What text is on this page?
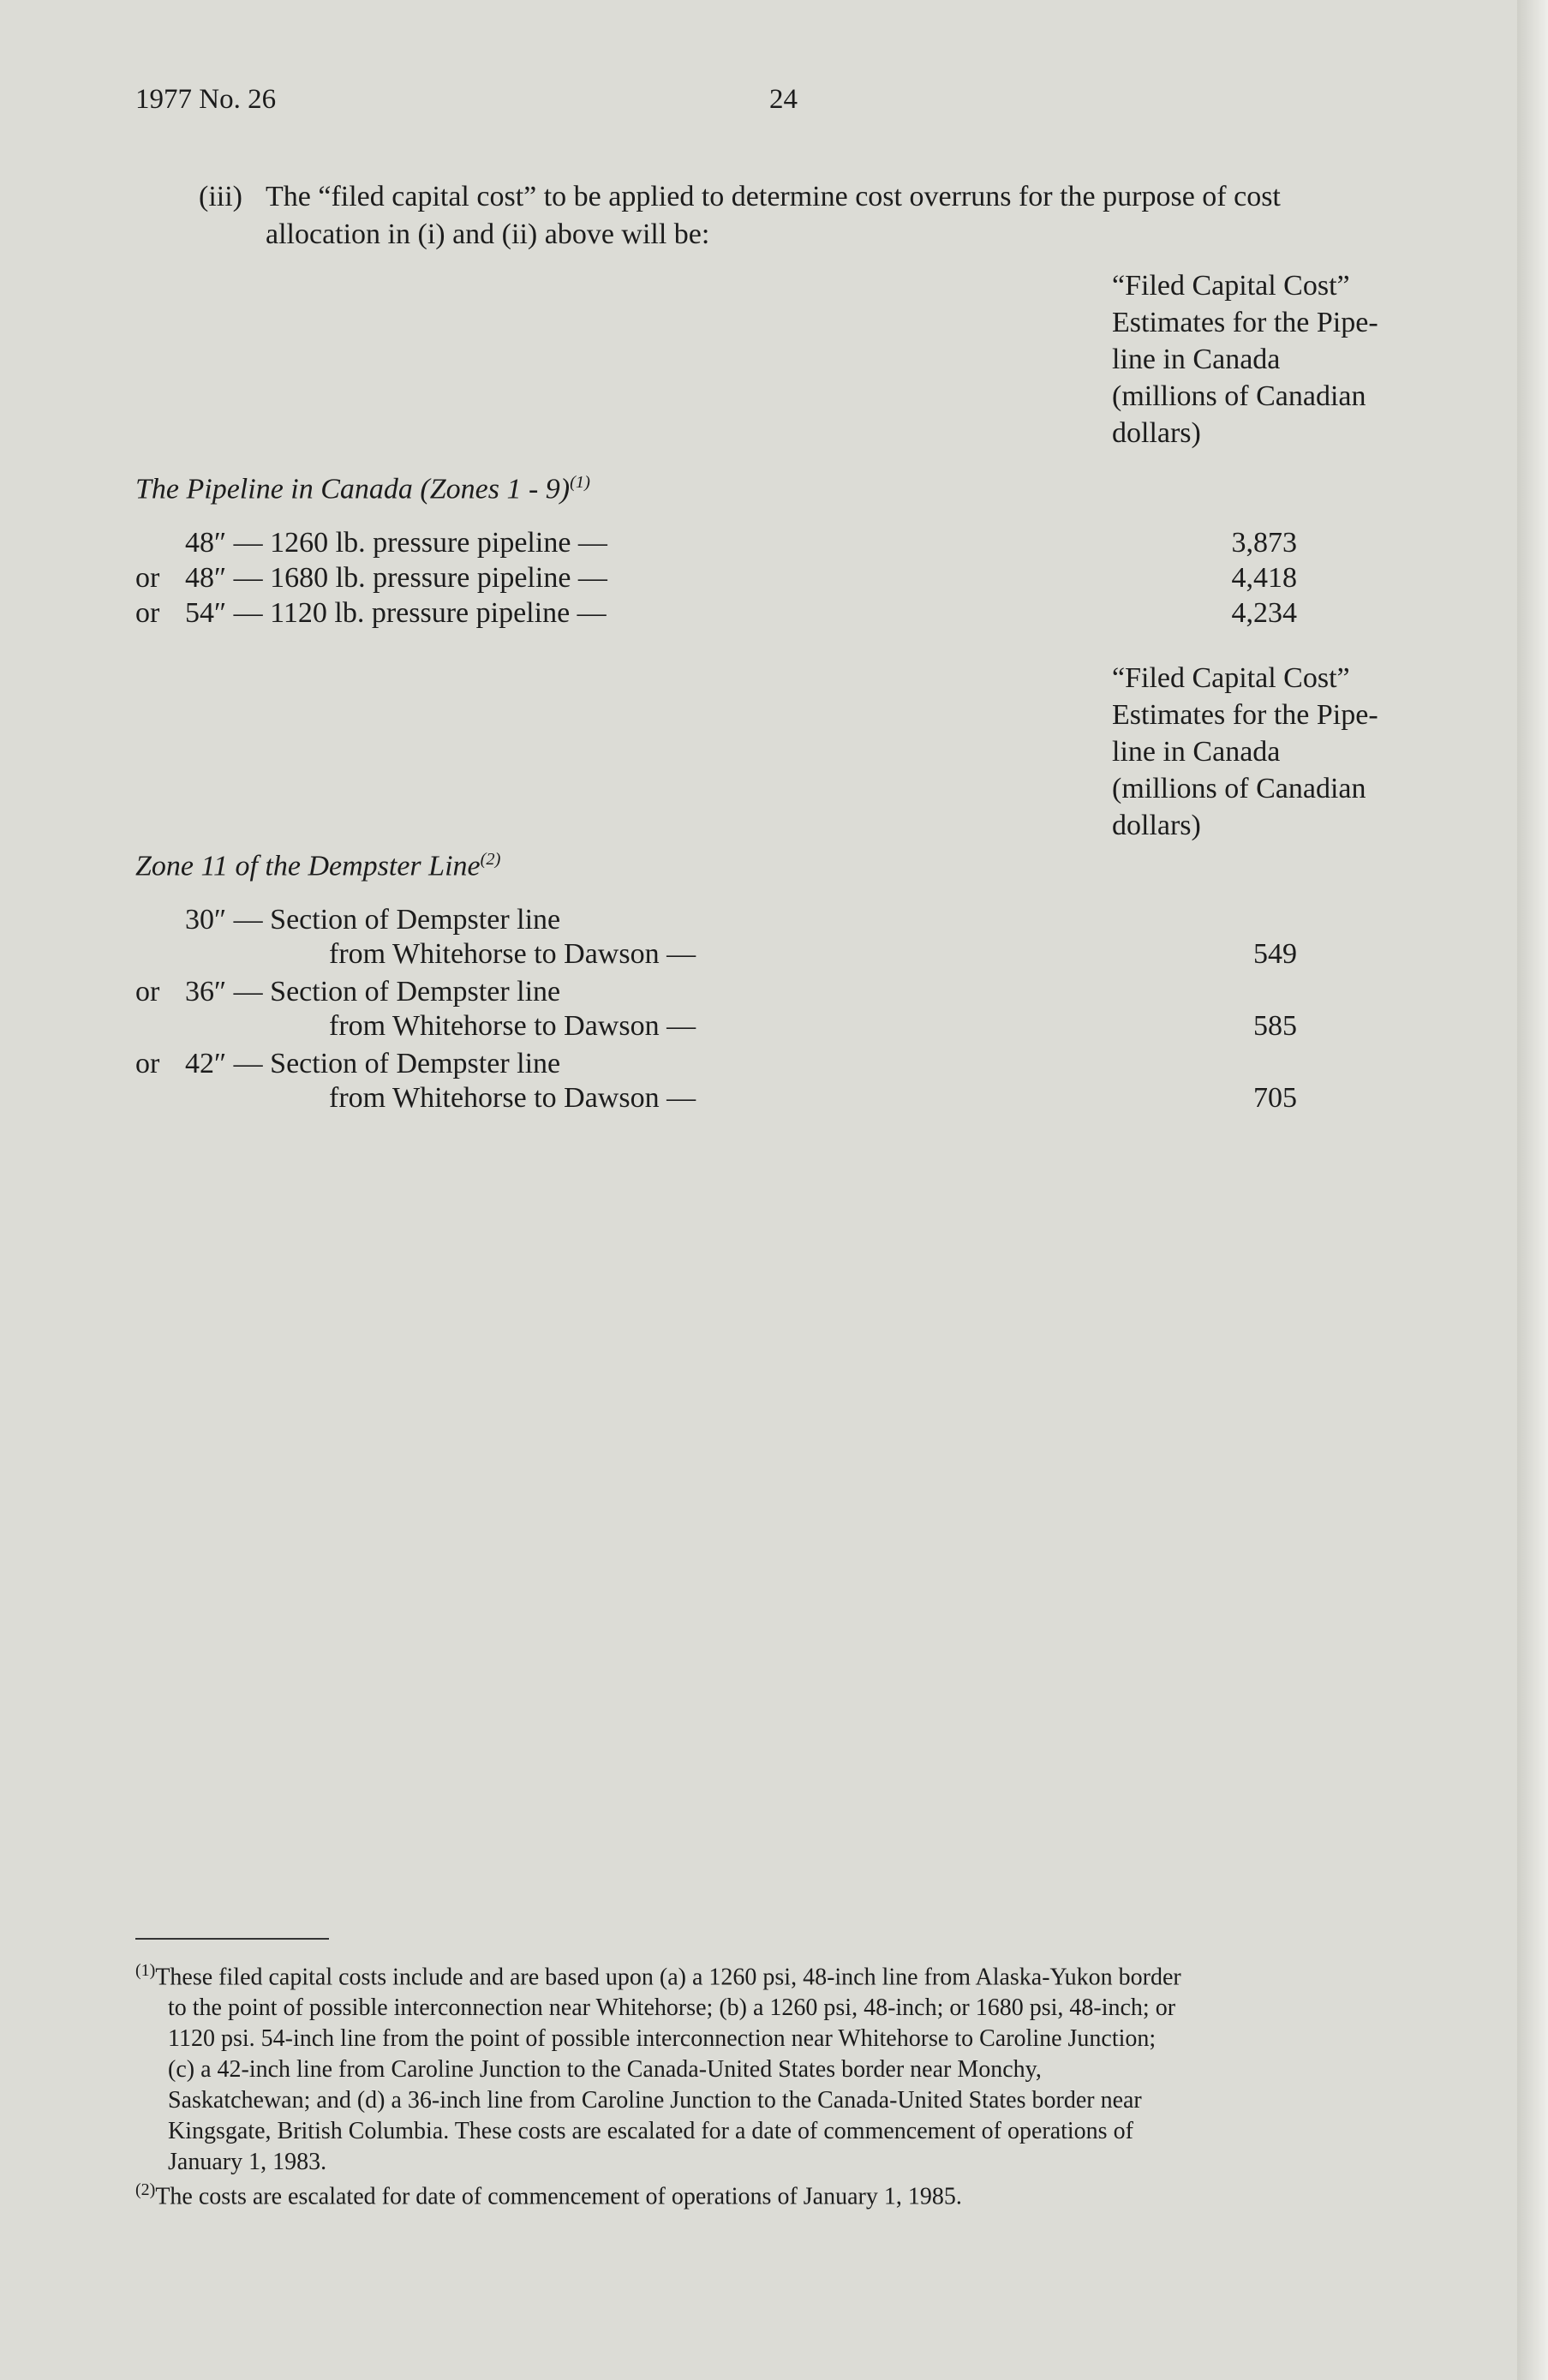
1977 No. 26	24
(iii) The “filed capital cost” to be applied to determine cost overruns for the purpose of cost
allocation in (i) and (ii) above will be:
“Filed Capital Cost”
Estimates for the Pipe-
line in Canada
(millions of Canadian
dollars)
The Pipeline in Canada (Zones 1 - 9)$^{(1)}$
48″ — 1260 lb. pressure pipeline —	3,873
or 48″ — 1680 lb. pressure pipeline —	4,418
or 54″ — 1120 lb. pressure pipeline —	4,234
“Filed Capital Cost”
Estimates for the Pipe-
line in Canada
(millions of Canadian
dollars)
Zone 11 of the Dempster Line$^{(2)}$
30″ — Section of Dempster line
from Whitehorse to Dawson —	549
or 36″ — Section of Dempster line
from Whitehorse to Dawson —	585
or 42″ — Section of Dempster line
from Whitehorse to Dawson —	705
$^{(1)}$These filed capital costs include and are based upon (a) a 1260 psi, 48-inch line from Alaska-Yukon border
to the point of possible interconnection near Whitehorse; (b) a 1260 psi, 48-inch; or 1680 psi, 48-inch; or
1120 psi. 54-inch line from the point of possible interconnection near Whitehorse to Caroline Junction;
(c) a 42-inch line from Caroline Junction to the Canada-United States border near Monchy,
Saskatchewan; and (d) a 36-inch line from Caroline Junction to the Canada-United States border near
Kingsgate, British Columbia. These costs are escalated for a date of commencement of operations of
January 1, 1983.
$^{(2)}$The costs are escalated for date of commencement of operations of January 1, 1985.
